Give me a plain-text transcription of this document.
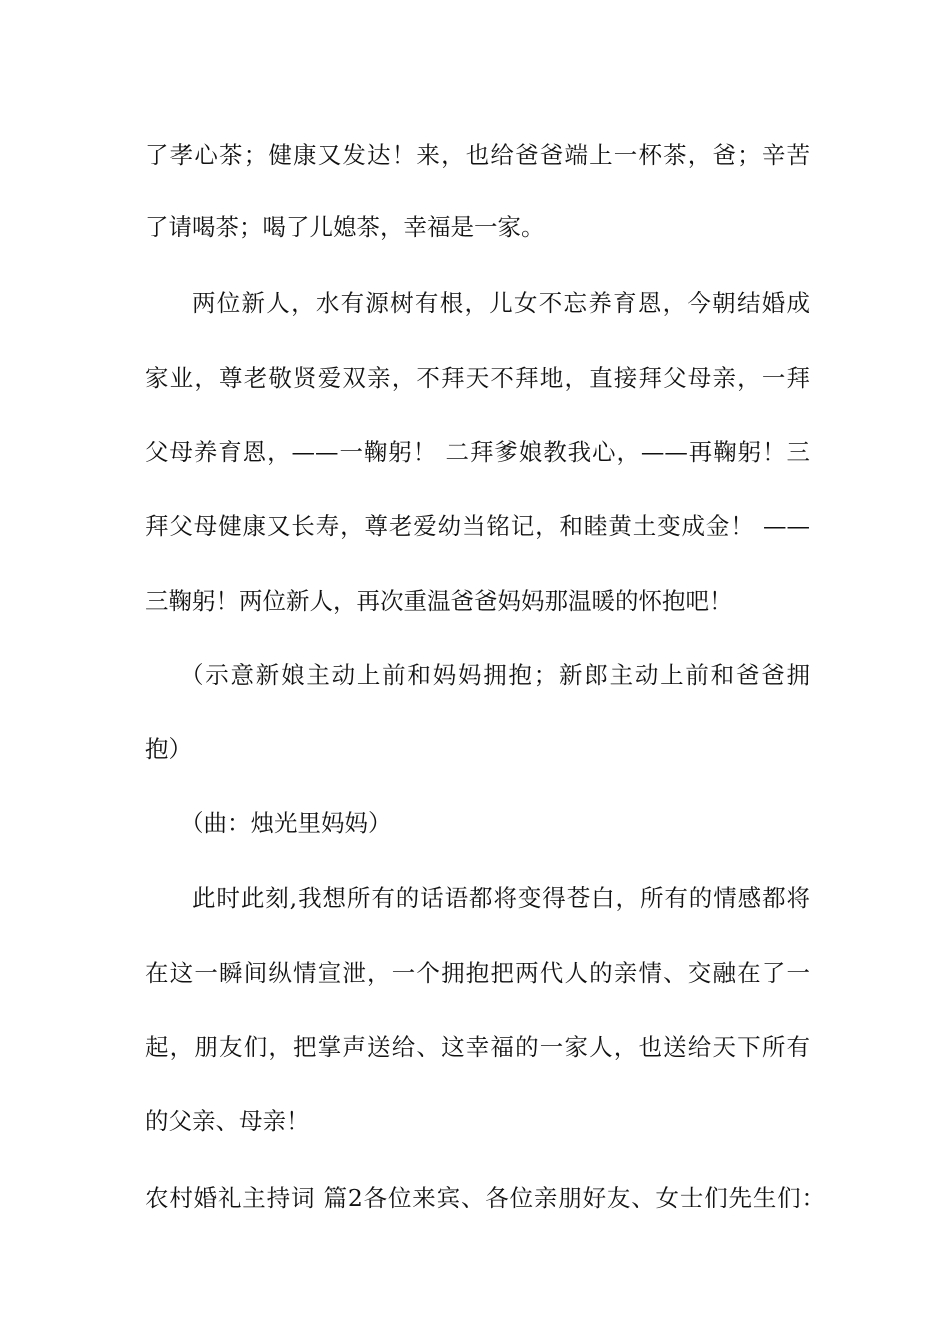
了孝心茶；健康又发达！来，也给爸爸端上一杯茶，爸；辛苦
了请喝茶；喝了儿媳茶，幸福是一家。
两位新人，水有源树有根，儿女不忘养育恩，今朝结婚成
家业，尊老敬贤爱双亲，不拜天不拜地，直接拜父母亲，一拜
父母养育恩，——一鞠躬！ 二拜爹娘教我心，——再鞠躬！三
拜父母健康又长寿，尊老爱幼当铭记，和睦黄土变成金！ ——
三鞠躬！两位新人，再次重温爸爸妈妈那温暖的怀抱吧！
（示意新娘主动上前和妈妈拥抱；新郎主动上前和爸爸拥
抱）
（曲：烛光里妈妈）
此时此刻,我想所有的话语都将变得苍白，所有的情感都将
在这一瞬间纵情宣泄，一个拥抱把两代人的亲情、交融在了一
起，朋友们，把掌声送给、这幸福的一家人，也送给天下所有
的父亲、母亲！
农村婚礼主持词 篇2各位来宾、各位亲朋好友、女士们先生们：
